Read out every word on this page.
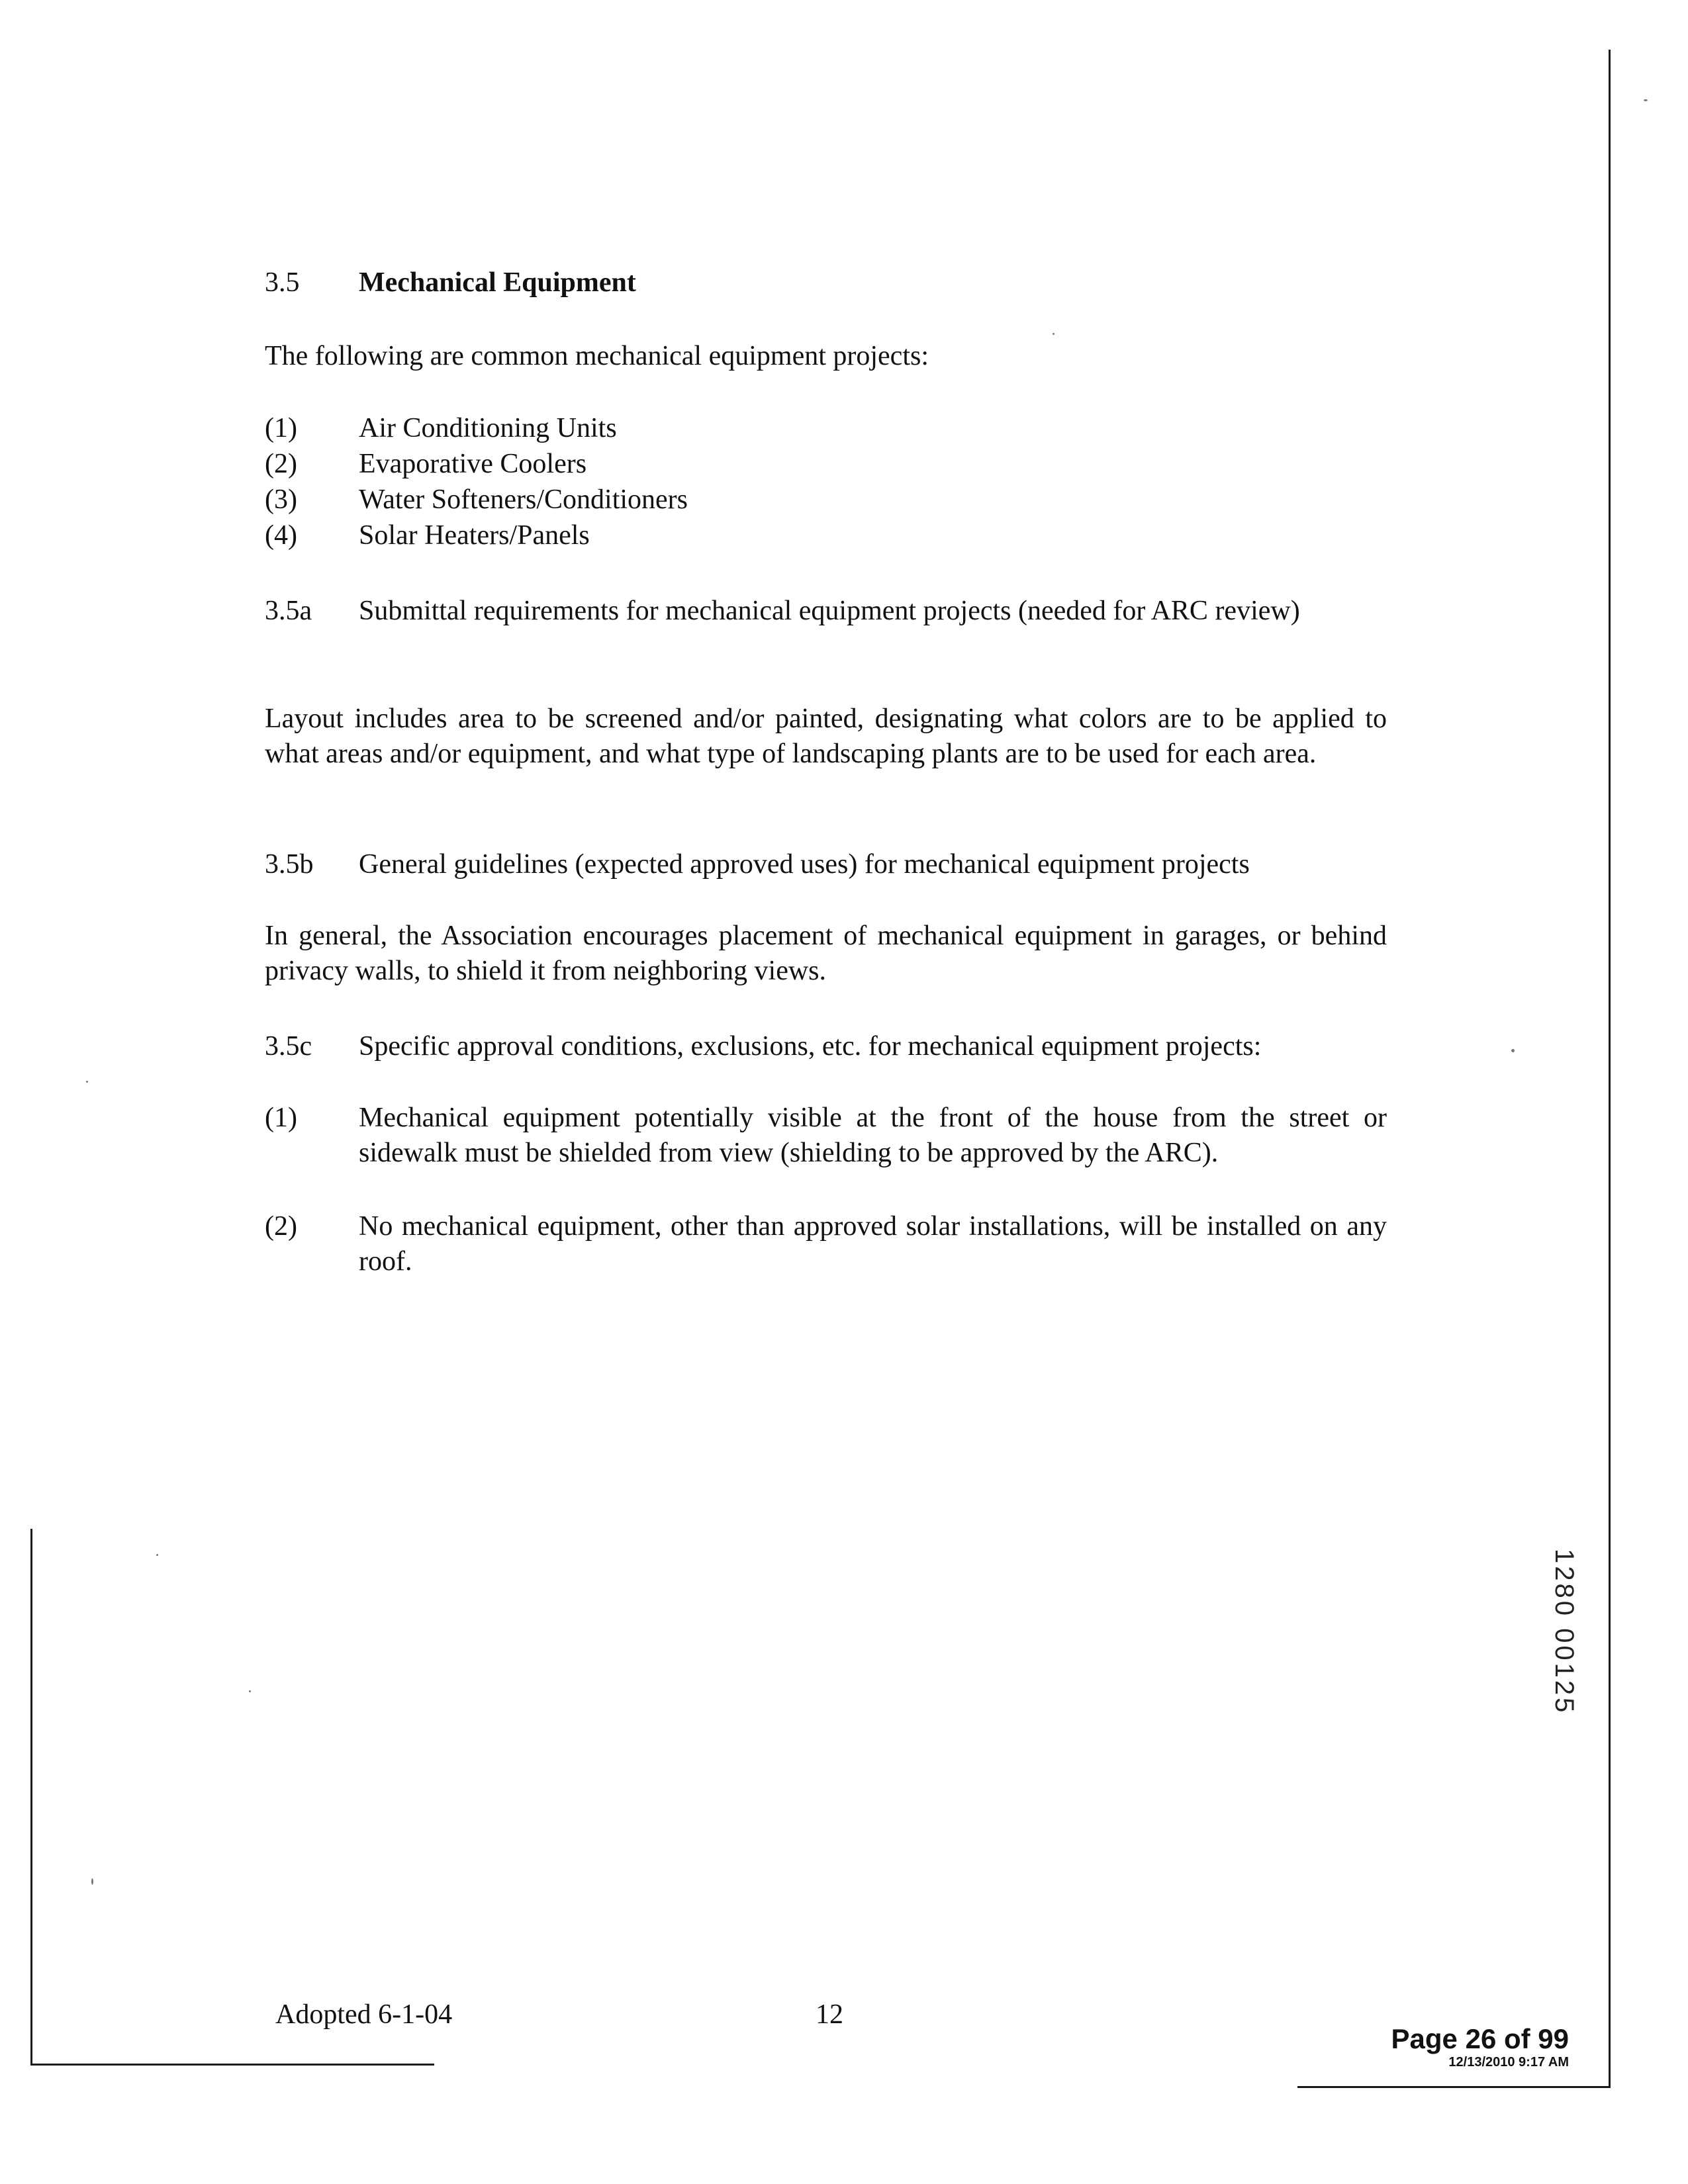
3.5 Mechanical Equipment
The following are common mechanical equipment projects:
(1) Air Conditioning Units
(2) Evaporative Coolers
(3) Water Softeners/Conditioners
(4) Solar Heaters/Panels
3.5a Submittal requirements for mechanical equipment projects (needed for ARC review)
Layout includes area to be screened and/or painted, designating what colors are to be applied to what areas and/or equipment, and what type of landscaping plants are to be used for each area.
3.5b General guidelines (expected approved uses) for mechanical equipment projects
In general, the Association encourages placement of mechanical equipment in garages, or behind privacy walls, to shield it from neighboring views.
3.5c Specific approval conditions, exclusions, etc. for mechanical equipment projects:
(1) Mechanical equipment potentially visible at the front of the house from the street or sidewalk must be shielded from view (shielding to be approved by the ARC).
(2) No mechanical equipment, other than approved solar installations, will be installed on any roof.
1280 00125
Adopted 6-1-04	12
Page 26 of 99
12/13/2010 9:17 AM
